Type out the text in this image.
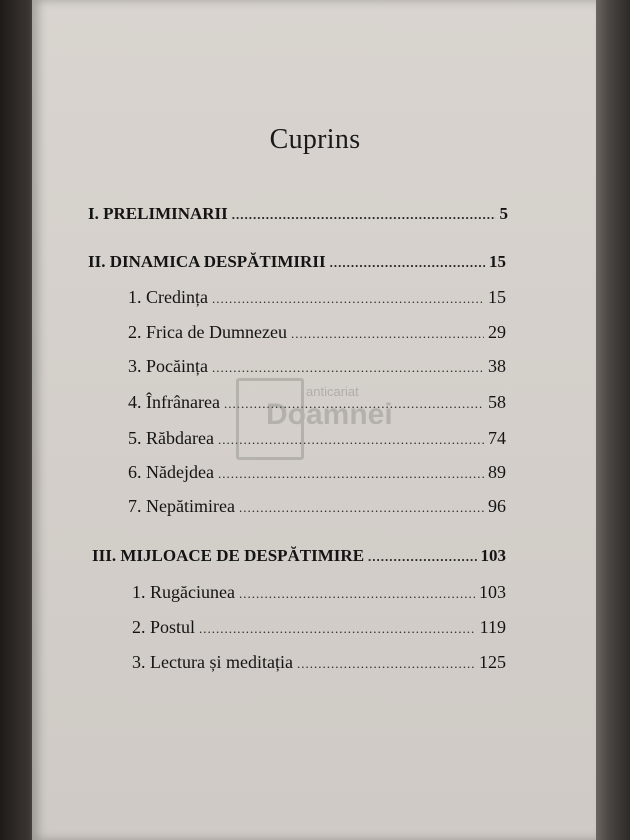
Cuprins
I. PRELIMINARII .....	5
II. DINAMICA DESPĂTIMIRII .....	15
1. Credința .....	15
2. Frica de Dumnezeu .....	29
3. Pocăința .....	38
4. Înfrânarea .....	58
5. Răbdarea .....	74
6. Nădejdea .....	89
7. Nepătimirea .....	96
III. MIJLOACE DE DESPĂTIMIRE .....	103
1. Rugăciunea .....	103
2. Postul .....	119
3. Lectura și meditația .....	125
anticariat
Doamnei
